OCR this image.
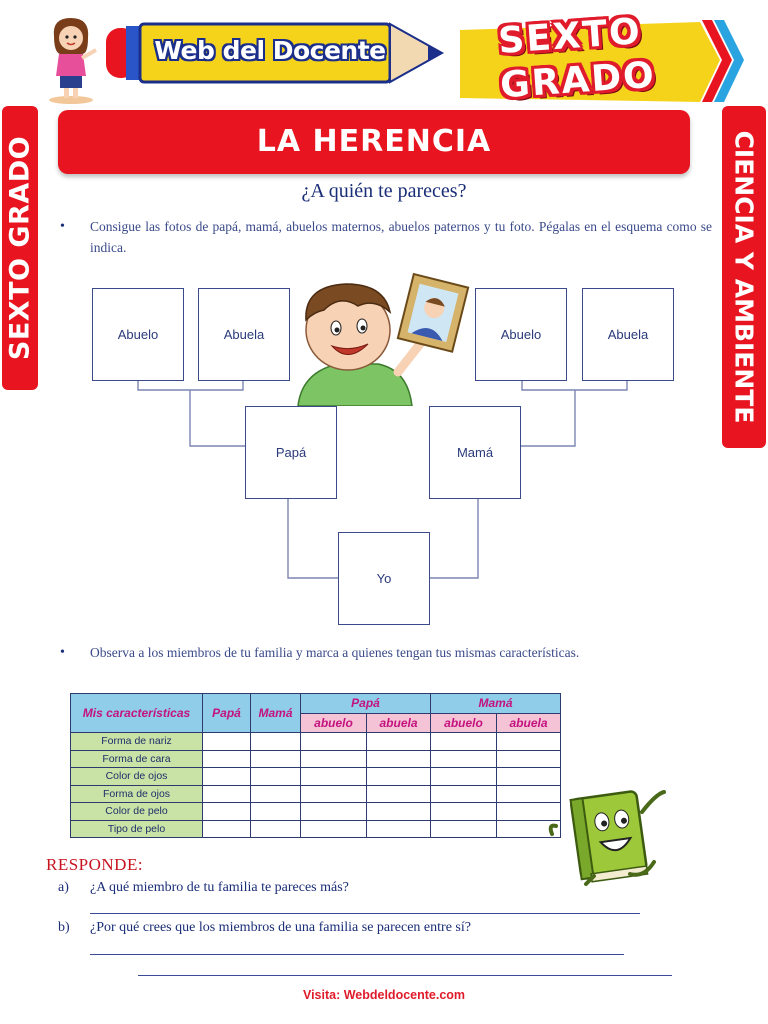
Web del Docente	SEXTO
GRADO
SEXTO GRADO	CIENCIA Y AMBIENTE
LA HERENCIA
¿A quién te pareces?
• Consigue las fotos de papá, mamá, abuelos maternos, abuelos paternos y tu foto. Pégalas en el esquema como se indica.
Abuelo	Abuela	Abuelo	Abuela
Papá	Mamá
Yo
• Observa a los miembros de tu familia y marca a quienes tengan tus mismas características.
Mis características	Papá	Mamá	Papá		Mamá	
			abuelo	abuela	abuelo	abuela
Forma de nariz						
Forma de cara						
Color de ojos						
Forma de ojos						
Color de pelo						
Tipo de pelo						
RESPONDE:
a) ¿A qué miembro de tu familia te pareces más?
b) ¿Por qué crees que los miembros de una familia se parecen entre sí?
Visita: Webdeldocente.com
